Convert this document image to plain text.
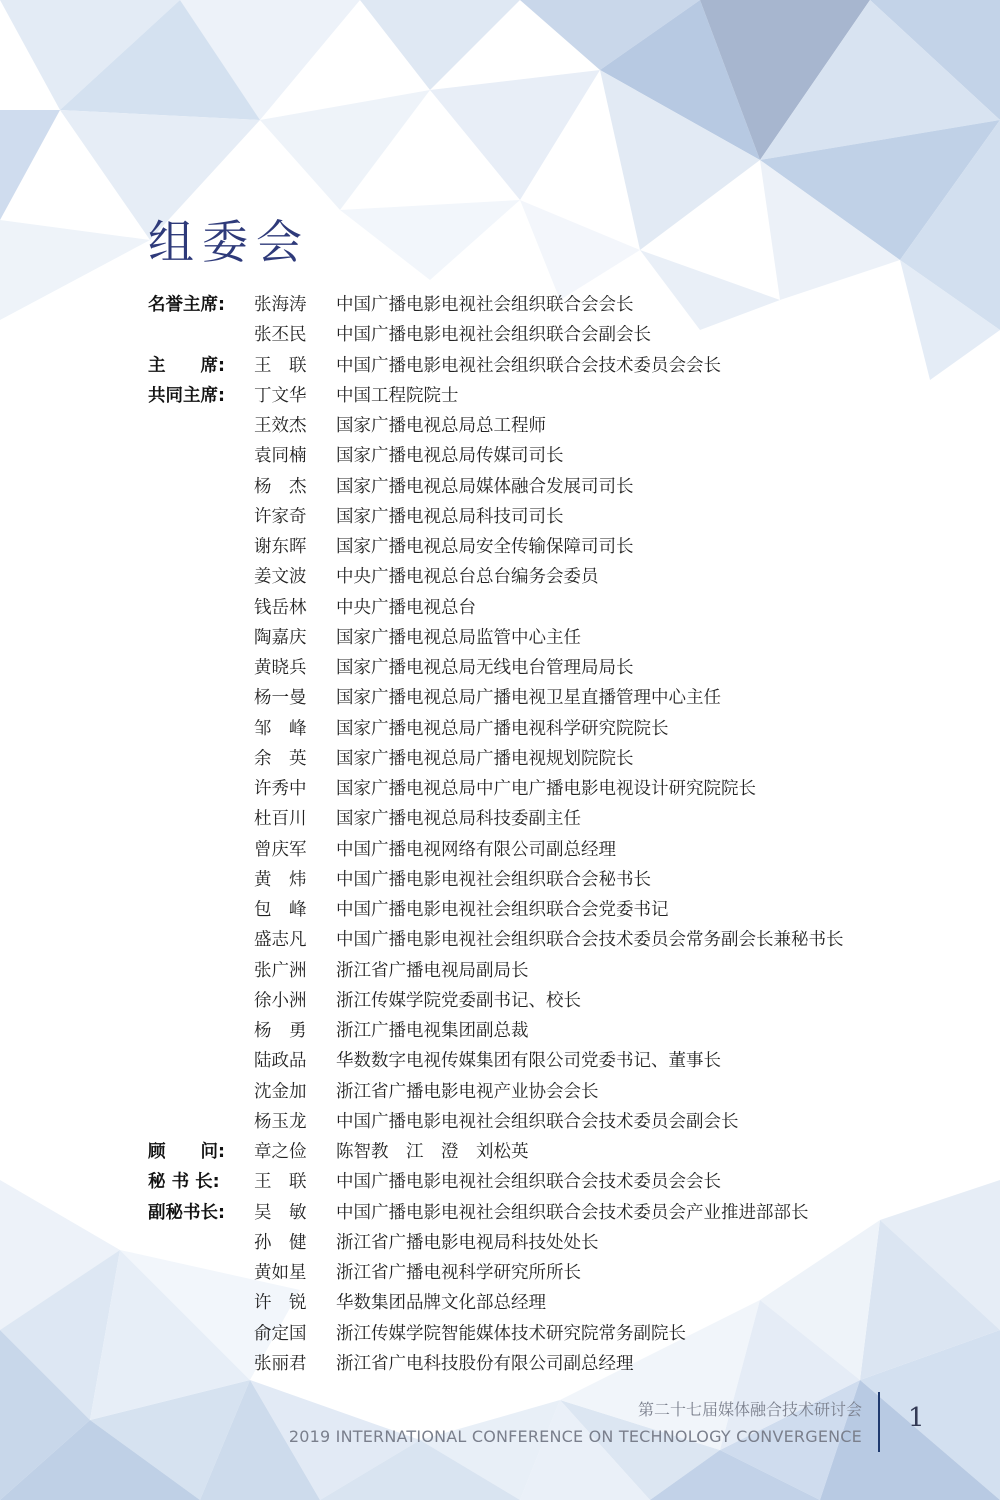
组委会
名誉主席:	张海涛	中国广播电影电视社会组织联合会会长
张丕民	中国广播电影电视社会组织联合会副会长
主　　席:	王　联	中国广播电影电视社会组织联合会技术委员会会长
共同主席:	丁文华	中国工程院院士
王效杰	国家广播电视总局总工程师
袁同楠	国家广播电视总局传媒司司长
杨　杰	国家广播电视总局媒体融合发展司司长
许家奇	国家广播电视总局科技司司长
谢东晖	国家广播电视总局安全传输保障司司长
姜文波	中央广播电视总台总台编务会委员
钱岳林	中央广播电视总台
陶嘉庆	国家广播电视总局监管中心主任
黄晓兵	国家广播电视总局无线电台管理局局长
杨一曼	国家广播电视总局广播电视卫星直播管理中心主任
邹　峰	国家广播电视总局广播电视科学研究院院长
余　英	国家广播电视总局广播电视规划院院长
许秀中	国家广播电视总局中广电广播电影电视设计研究院院长
杜百川	国家广播电视总局科技委副主任
曾庆军	中国广播电视网络有限公司副总经理
黄　炜	中国广播电影电视社会组织联合会秘书长
包　峰	中国广播电影电视社会组织联合会党委书记
盛志凡	中国广播电影电视社会组织联合会技术委员会常务副会长兼秘书长
张广洲	浙江省广播电视局副局长
徐小洲	浙江传媒学院党委副书记、校长
杨　勇	浙江广播电视集团副总裁
陆政品	华数数字电视传媒集团有限公司党委书记、董事长
沈金加	浙江省广播电影电视产业协会会长
杨玉龙	中国广播电影电视社会组织联合会技术委员会副会长
顾　　问:	章之俭	陈智教　江　澄　刘松英
秘 书 长:	王　联	中国广播电影电视社会组织联合会技术委员会会长
副秘书长:	吴　敏	中国广播电影电视社会组织联合会技术委员会产业推进部部长
孙　健	浙江省广播电影电视局科技处处长
黄如星	浙江省广播电视科学研究所所长
许　锐	华数集团品牌文化部总经理
俞定国	浙江传媒学院智能媒体技术研究院常务副院长
张丽君	浙江省广电科技股份有限公司副总经理
第二十七届媒体融合技术研讨会
2019 INTERNATIONAL CONFERENCE ON TECHNOLOGY CONVERGENCE
1
